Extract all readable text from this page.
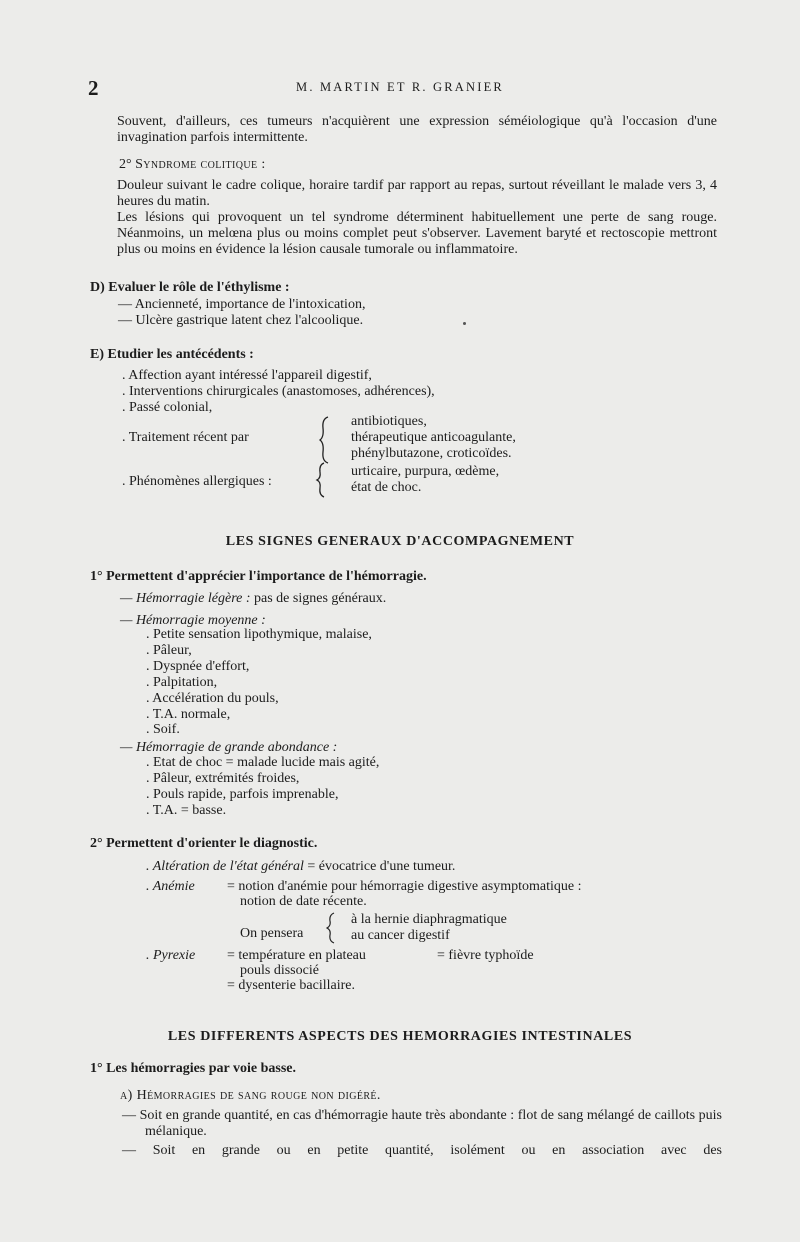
2	M. MARTIN ET R. GRANIER

Souvent, d'ailleurs, ces tumeurs n'acquièrent une expression séméiologique qu'à l'occasion d'une invagination parfois intermittente.

2° Syndrome colitique :

Douleur suivant le cadre colique, horaire tardif par rapport au repas, surtout réveillant le malade vers 3, 4 heures du matin.

Les lésions qui provoquent un tel syndrome déterminent habituellement une perte de sang rouge. Néanmoins, un melœna plus ou moins complet peut s'observer. Lavement baryté et rectoscopie mettront plus ou moins en évidence la lésion causale tumorale ou inflammatoire.

D) Evaluer le rôle de l'éthylisme :
— Ancienneté, importance de l'intoxication,
— Ulcère gastrique latent chez l'alcoolique.
E) Etudier les antécédents :
. Affection ayant intéressé l'appareil digestif,
. Interventions chirurgicales (anastomoses, adhérences),
. Passé colonial,
. Traitement récent par
antibiotiques,
thérapeutique anticoagulante,
phénylbutazone, croticoïdes.
. Phénomènes allergiques :
urticaire, purpura, œdème,
état de choc.
LES SIGNES GENERAUX D'ACCOMPAGNEMENT
1° Permettent d'apprécier l'importance de l'hémorragie.
— Hémorragie légère : pas de signes généraux.
— Hémorragie moyenne :
. Petite sensation lipothymique, malaise,
. Pâleur,
. Dyspnée d'effort,
. Palpitation,
. Accélération du pouls,
. T.A. normale,
. Soif.
— Hémorragie de grande abondance :
. Etat de choc = malade lucide mais agité,
. Pâleur, extrémités froides,
. Pouls rapide, parfois imprenable,
. T.A. = basse.
2° Permettent d'orienter le diagnostic.
. Altération de l'état général = évocatrice d'une tumeur.
. Anémie = notion d'anémie pour hémorragie digestive asymptomatique :
notion de date récente.
On pensera
à la hernie diaphragmatique
au cancer digestif
. Pyrexie = température en plateau	= fièvre typhoïde
pouls dissocié
= dysenterie bacillaire.
LES DIFFERENTS ASPECTS DES HEMORRAGIES INTESTINALES
1° Les hémorragies par voie basse.
a) Hémorragies de sang rouge non digéré.

— Soit en grande quantité, en cas d'hémorragie haute très abondante : flot de sang mélangé de caillots puis mélanique.

— Soit en grande ou en petite quantité, isolément ou en association avec des
